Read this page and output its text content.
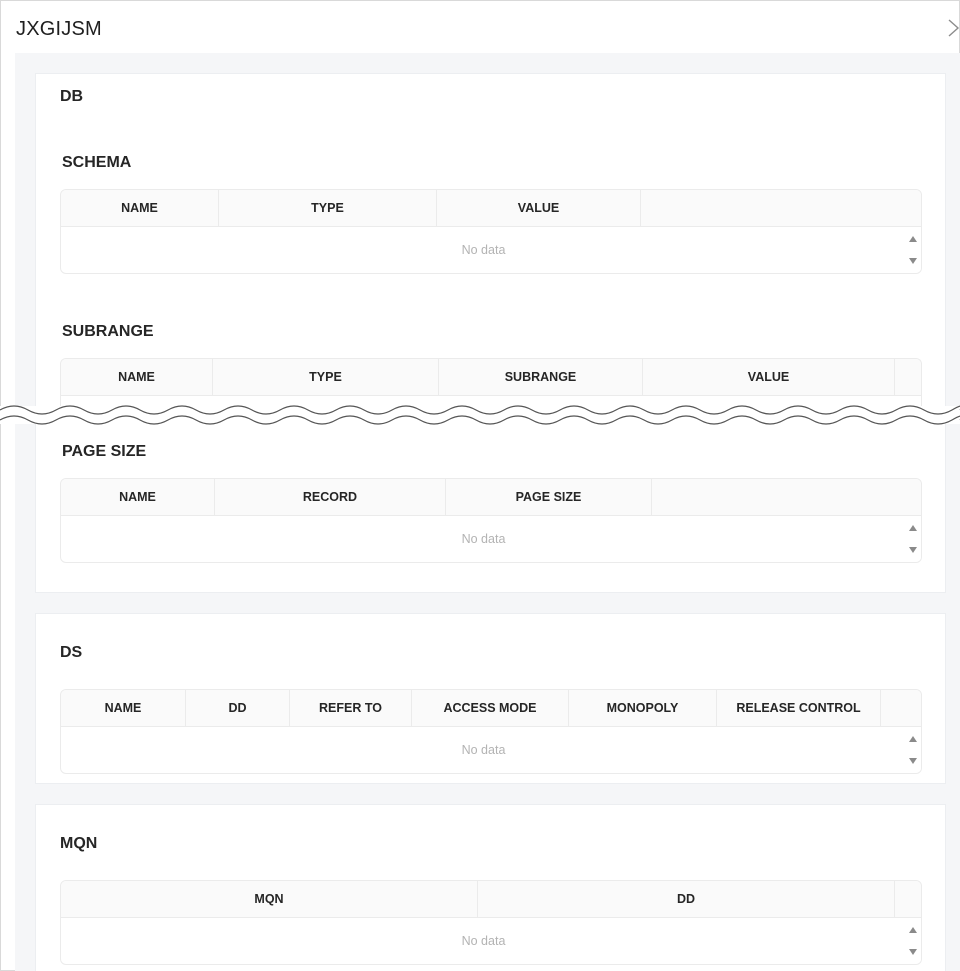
JXGIJSM
DB
SCHEMA
NAME	TYPE	VALUE
No data
SUBRANGE
NAME	TYPE	SUBRANGE	VALUE
PAGE SIZE
NAME	RECORD	PAGE SIZE
No data
DS
NAME	DD	REFER TO	ACCESS MODE	MONOPOLY	RELEASE CONTROL
No data
MQN
MQN	DD
No data
